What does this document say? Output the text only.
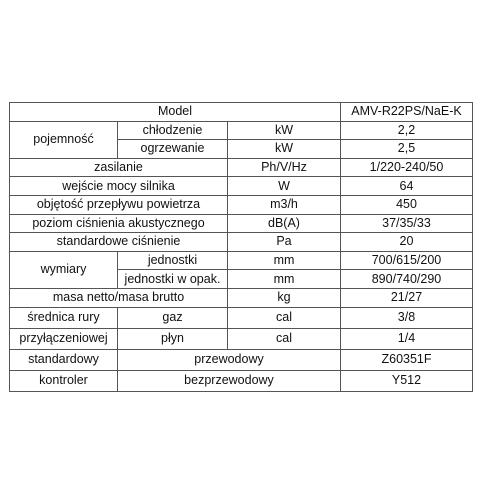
Model			AMV-R22PS/NaE-K
pojemność	chłodzenie	kW	2,2
	ogrzewanie	kW	2,5
zasilanie		Ph/V/Hz	1/220-240/50
wejście mocy silnika		W	64
objętość przepływu powietrza		m3/h	450
poziom ciśnienia akustycznego		dB(A)	37/35/33
standardowe ciśnienie		Pa	20
wymiary	jednostki	mm	700/615/200
	jednostki w opak.	mm	890/740/290
masa netto/masa brutto		kg	21/27
średnica rury	gaz	cal	3/8
przyłączeniowej	płyn	cal	1/4
standardowy	przewodowy		Z60351F
kontroler	bezprzewodowy		Y512
